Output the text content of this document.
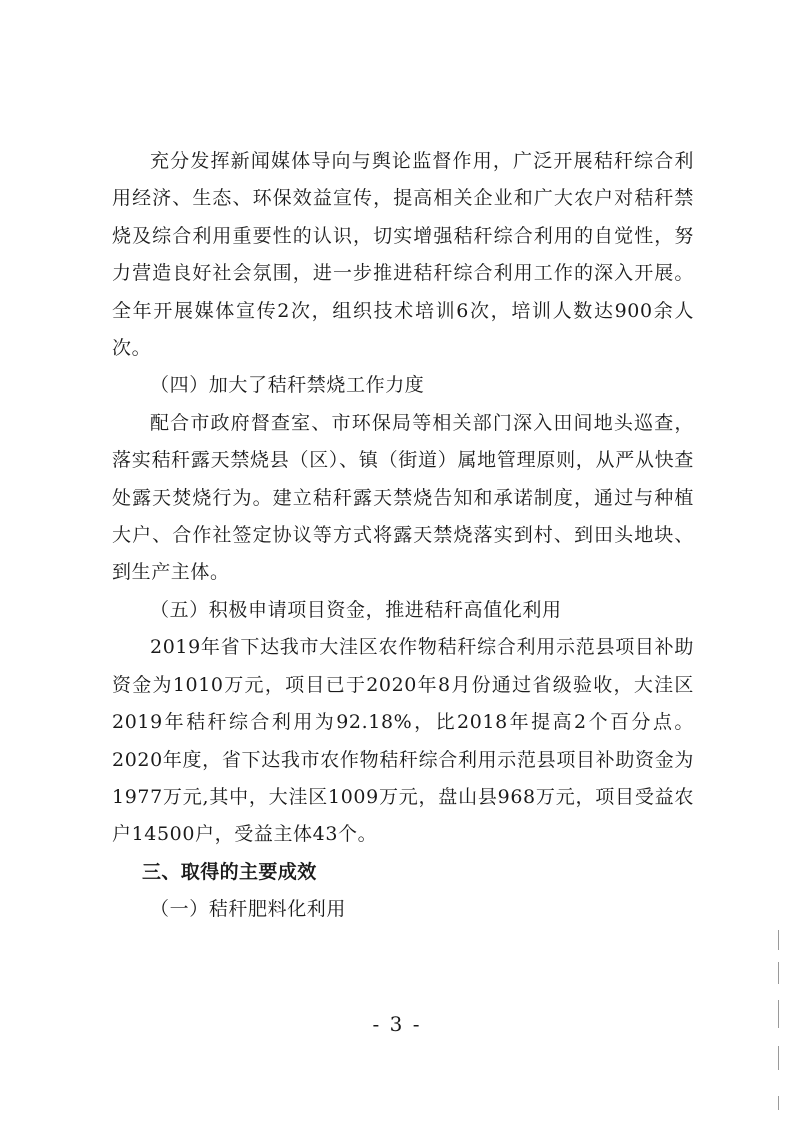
充分发挥新闻媒体导向与舆论监督作用，广泛开展秸秆综合利用经济、生态、环保效益宣传，提高相关企业和广大农户对秸秆禁烧及综合利用重要性的认识，切实增强秸秆综合利用的自觉性，努力营造良好社会氛围，进一步推进秸秆综合利用工作的深入开展。全年开展媒体宣传2次，组织技术培训6次，培训人数达900余人次。

（四）加大了秸秆禁烧工作力度

配合市政府督查室、市环保局等相关部门深入田间地头巡查，落实秸秆露天禁烧县（区）、镇（街道）属地管理原则，从严从快查处露天焚烧行为。建立秸秆露天禁烧告知和承诺制度，通过与种植大户、合作社签定协议等方式将露天禁烧落实到村、到田头地块、到生产主体。

（五）积极申请项目资金，推进秸秆高值化利用

2019年省下达我市大洼区农作物秸秆综合利用示范县项目补助资金为1010万元，项目已于2020年8月份通过省级验收，大洼区2019年秸秆综合利用为92.18%，比2018年提高2个百分点。2020年度，省下达我市农作物秸秆综合利用示范县项目补助资金为1977万元,其中，大洼区1009万元，盘山县968万元，项目受益农户14500户，受益主体43个。

三、取得的主要成效

（一）秸秆肥料化利用

- 3 -
